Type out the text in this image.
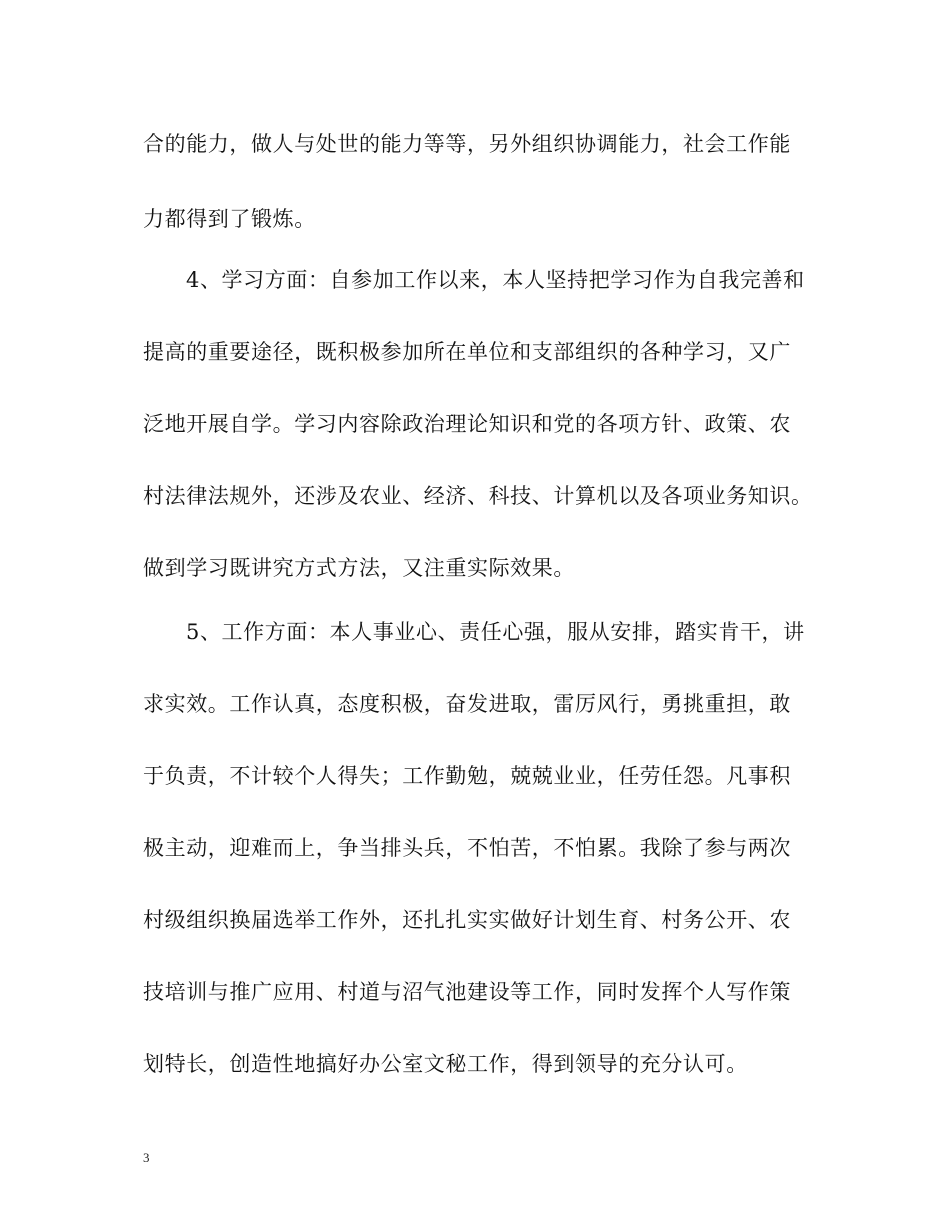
合的能力，做人与处世的能力等等，另外组织协调能力，社会工作能
力都得到了锻炼。
4、学习方面：自参加工作以来，本人坚持把学习作为自我完善和
提高的重要途径，既积极参加所在单位和支部组织的各种学习，又广
泛地开展自学。学习内容除政治理论知识和党的各项方针、政策、农
村法律法规外，还涉及农业、经济、科技、计算机以及各项业务知识。
做到学习既讲究方式方法，又注重实际效果。
5、工作方面：本人事业心、责任心强，服从安排，踏实肯干，讲
求实效。工作认真，态度积极，奋发进取，雷厉风行，勇挑重担，敢
于负责，不计较个人得失；工作勤勉，兢兢业业，任劳任怨。凡事积
极主动，迎难而上，争当排头兵，不怕苦，不怕累。我除了参与两次
村级组织换届选举工作外，还扎扎实实做好计划生育、村务公开、农
技培训与推广应用、村道与沼气池建设等工作，同时发挥个人写作策
划特长，创造性地搞好办公室文秘工作，得到领导的充分认可。
3
